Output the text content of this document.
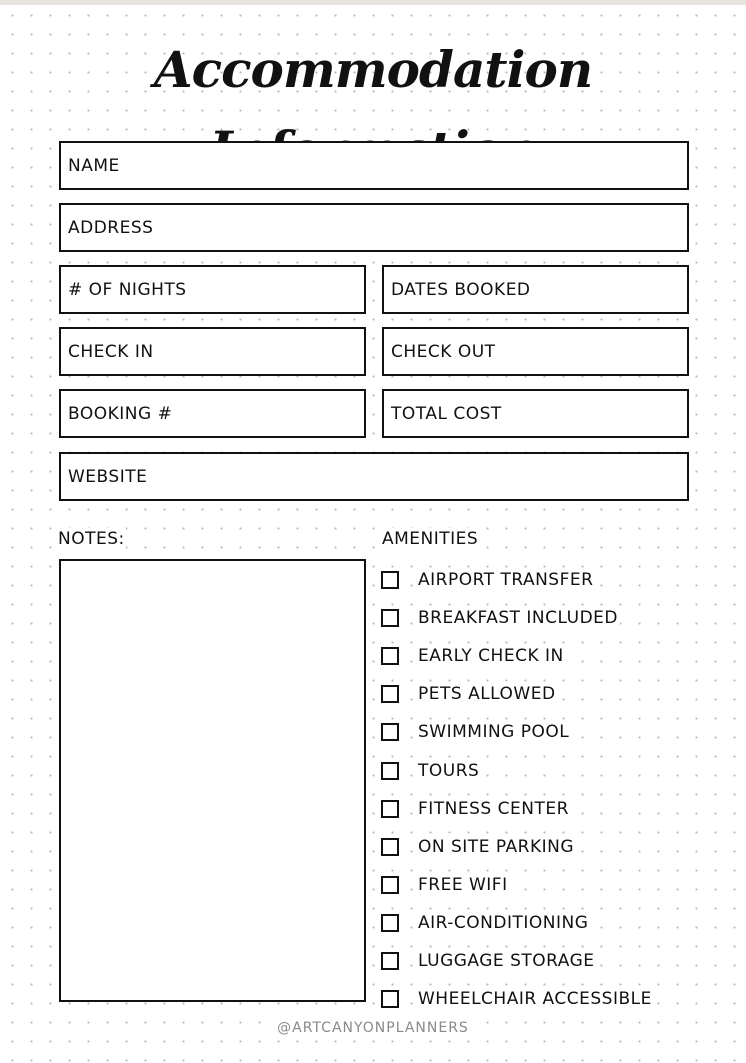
Accommodation
NAME
ADDRESS
# OF NIGHTS	DATES BOOKED
CHECK IN	CHECK OUT
BOOKING #	TOTAL COST
WEBSITE
NOTES:	AMENITIES
AIRPORT TRANSFER
BREAKFAST INCLUDED
EARLY CHECK IN
PETS ALLOWED
SWIMMING POOL
TOURS
FITNESS CENTER
ON SITE PARKING
FREE WIFI
AIR-CONDITIONING
LUGGAGE STORAGE
WHEELCHAIR ACCESSIBLE
@ARTCANYONPLANNERS
